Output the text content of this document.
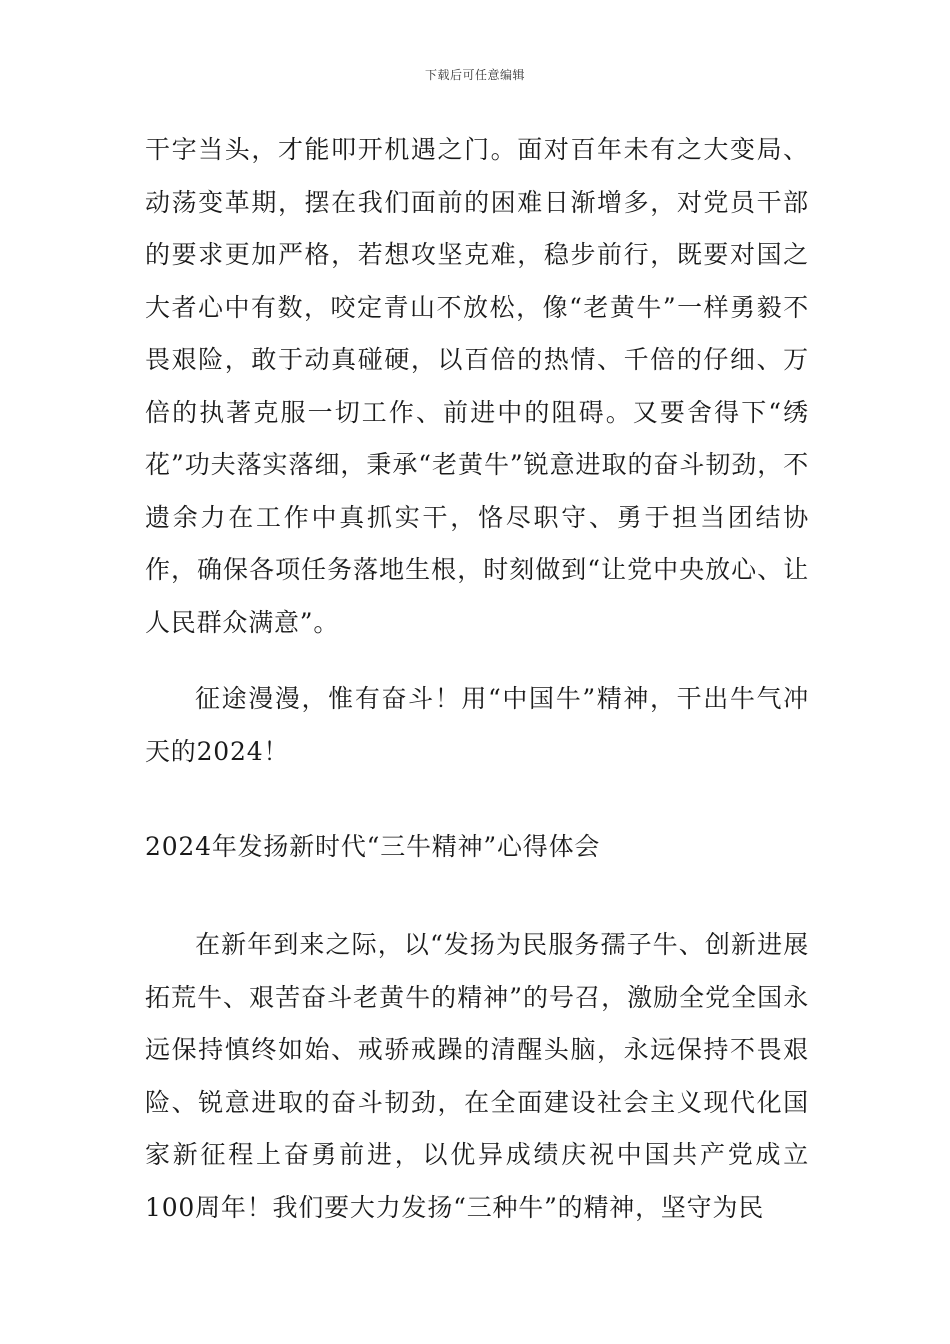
下载后可任意编辑

干字当头，才能叩开机遇之门。面对百年未有之大变局、动荡变革期，摆在我们面前的困难日渐增多，对党员干部的要求更加严格，若想攻坚克难，稳步前行，既要对国之大者心中有数，咬定青山不放松，像“老黄牛”一样勇毅不畏艰险，敢于动真碰硬，以百倍的热情、千倍的仔细、万倍的执著克服一切工作、前进中的阻碍。又要舍得下“绣花”功夫落实落细，秉承“老黄牛”锐意进取的奋斗韧劲，不遗余力在工作中真抓实干，恪尽职守、勇于担当团结协作，确保各项任务落地生根，时刻做到“让党中央放心、让人民群众满意”。

征途漫漫，惟有奋斗！用“中国牛”精神，干出牛气冲天的2024！

2024年发扬新时代“三牛精神”心得体会

在新年到来之际，以“发扬为民服务孺子牛、创新进展拓荒牛、艰苦奋斗老黄牛的精神”的号召，激励全党全国永远保持慎终如始、戒骄戒躁的清醒头脑，永远保持不畏艰险、锐意进取的奋斗韧劲，在全面建设社会主义现代化国家新征程上奋勇前进，以优异成绩庆祝中国共产党成立100周年！我们要大力发扬“三种牛”的精神，坚守为民
